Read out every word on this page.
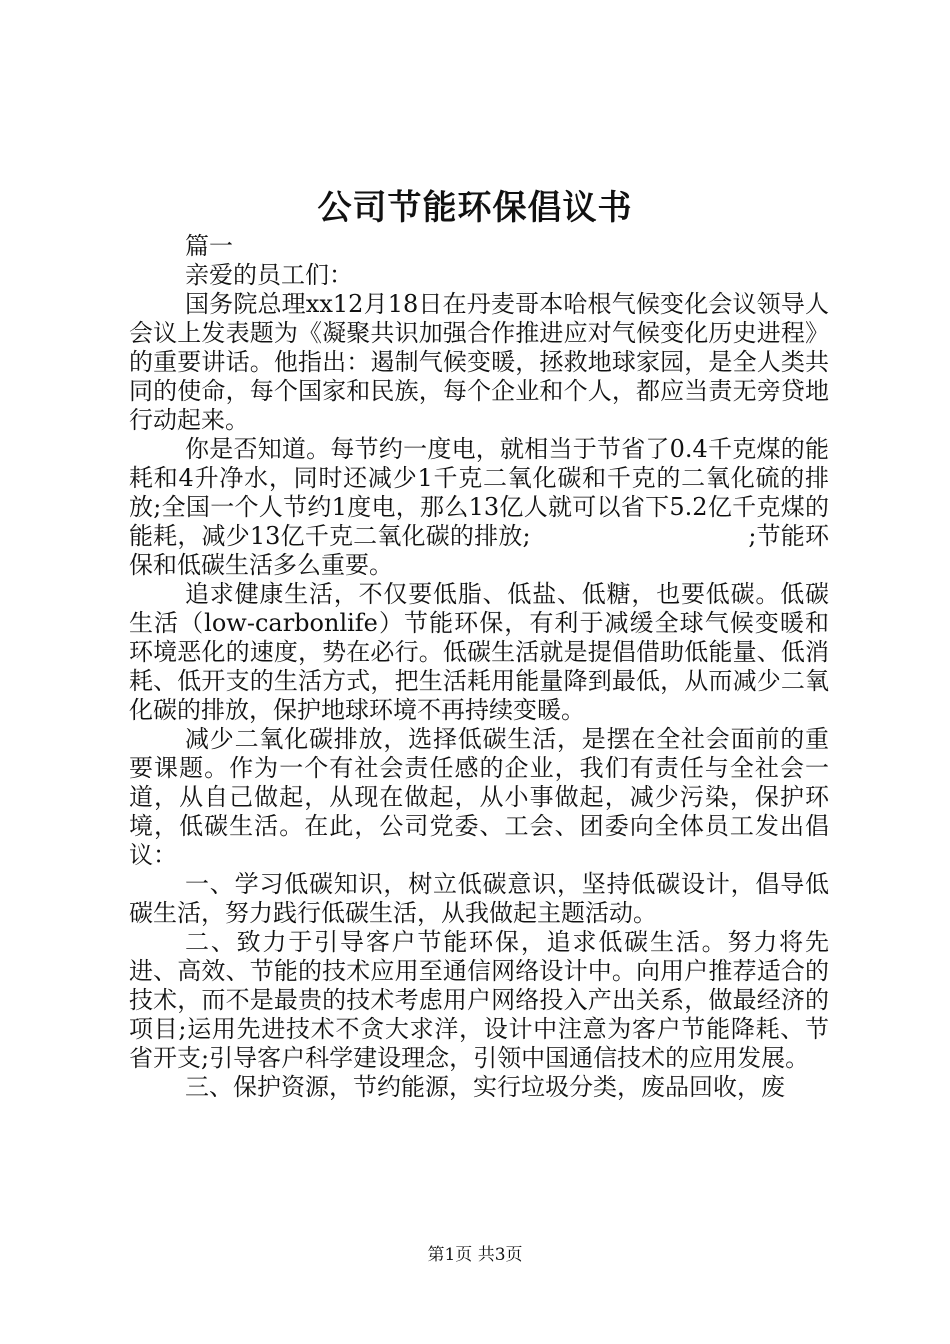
公司节能环保倡议书

篇一

亲爱的员工们：

国务院总理xx12月18日在丹麦哥本哈根气候变化会议领导人会议上发表题为《凝聚共识加强合作推进应对气候变化历史进程》的重要讲话。他指出：遏制气候变暖，拯救地球家园，是全人类共同的使命，每个国家和民族，每个企业和个人，都应当责无旁贷地行动起来。

你是否知道。每节约一度电，就相当于节省了0.4千克煤的能耗和4升净水，同时还减少1千克二氧化碳和千克的二氧化硫的排放;全国一个人节约1度电，那么13亿人就可以省下5.2亿千克煤的能耗，减少13亿千克二氧化碳的排放;　　　　　　　　　;节能环保和低碳生活多么重要。

追求健康生活，不仅要低脂、低盐、低糖，也要低碳。低碳生活（low-carbonlife）节能环保，有利于减缓全球气候变暖和环境恶化的速度，势在必行。低碳生活就是提倡借助低能量、低消耗、低开支的生活方式，把生活耗用能量降到最低，从而减少二氧化碳的排放，保护地球环境不再持续变暖。

减少二氧化碳排放，选择低碳生活，是摆在全社会面前的重要课题。作为一个有社会责任感的企业，我们有责任与全社会一道，从自己做起，从现在做起，从小事做起，减少污染，保护环境，低碳生活。在此，公司党委、工会、团委向全体员工发出倡议：

一、学习低碳知识，树立低碳意识，坚持低碳设计，倡导低碳生活，努力践行低碳生活，从我做起主题活动。

二、致力于引导客户节能环保，追求低碳生活。努力将先进、高效、节能的技术应用至通信网络设计中。向用户推荐适合的技术，而不是最贵的技术考虑用户网络投入产出关系，做最经济的项目;运用先进技术不贪大求洋，设计中注意为客户节能降耗、节省开支;引导客户科学建设理念，引领中国通信技术的应用发展。

三、保护资源，节约能源，实行垃圾分类，废品回收，废

第1页 共3页
